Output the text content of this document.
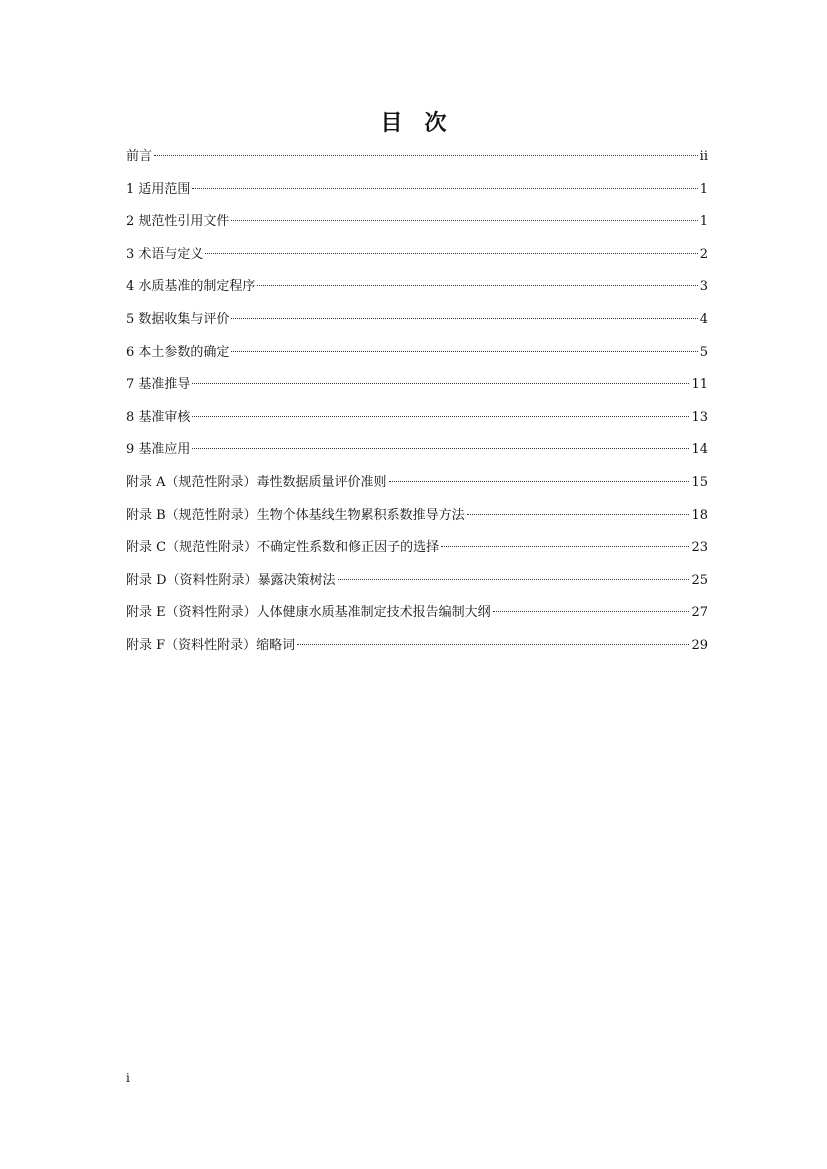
目　次
前言	ii
1 适用范围	1
2 规范性引用文件	1
3 术语与定义	2
4 水质基准的制定程序	3
5 数据收集与评价	4
6 本土参数的确定	5
7 基准推导	11
8 基准审核	13
9 基准应用	14
附录 A（规范性附录）毒性数据质量评价准则	15
附录 B（规范性附录）生物个体基线生物累积系数推导方法	18
附录 C（规范性附录）不确定性系数和修正因子的选择	23
附录 D（资料性附录）暴露决策树法	25
附录 E（资料性附录）人体健康水质基准制定技术报告编制大纲	27
附录 F（资料性附录）缩略词	29
i
